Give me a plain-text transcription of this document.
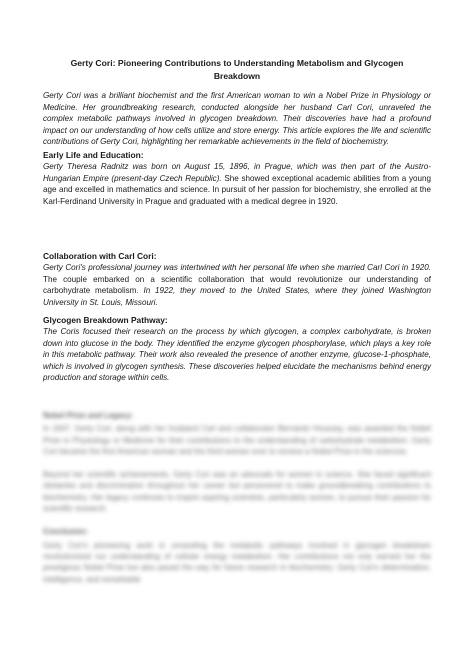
Gerty Cori: Pioneering Contributions to Understanding Metabolism and Glycogen Breakdown

Gerty Cori was a brilliant biochemist and the first American woman to win a Nobel Prize in Physiology or Medicine. Her groundbreaking research, conducted alongside her husband Carl Cori, unraveled the complex metabolic pathways involved in glycogen breakdown. Their discoveries have had a profound impact on our understanding of how cells utilize and store energy. This article explores the life and scientific contributions of Gerty Cori, highlighting her remarkable achievements in the field of biochemistry.

Early Life and Education:

Gerty Theresa Radnitz was born on August 15, 1896, in Prague, which was then part of the Austro-Hungarian Empire (present-day Czech Republic). She showed exceptional academic abilities from a young age and excelled in mathematics and science. In pursuit of her passion for biochemistry, she enrolled at the Karl-Ferdinand University in Prague and graduated with a medical degree in 1920.

Collaboration with Carl Cori:

Gerty Cori's professional journey was intertwined with her personal life when she married Carl Cori in 1920. The couple embarked on a scientific collaboration that would revolutionize our understanding of carbohydrate metabolism. In 1922, they moved to the United States, where they joined Washington University in St. Louis, Missouri.

Glycogen Breakdown Pathway:

The Coris focused their research on the process by which glycogen, a complex carbohydrate, is broken down into glucose in the body. They identified the enzyme glycogen phosphorylase, which plays a key role in this metabolic pathway. Their work also revealed the presence of another enzyme, glucose-1-phosphate, which is involved in glycogen synthesis. These discoveries helped elucidate the mechanisms behind energy production and storage within cells.

Nobel Prize and Legacy:

In 1947, Gerty Cori, along with her husband Carl and collaborator Bernardo Houssay, was awarded the Nobel Prize in Physiology or Medicine for their contributions to the understanding of carbohydrate metabolism. Gerty Cori became the first American woman and the third woman ever to receive a Nobel Prize in the sciences.

Beyond her scientific achievements, Gerty Cori was an advocate for women in science. She faced significant obstacles and discrimination throughout her career but persevered to make groundbreaking contributions to biochemistry. Her legacy continues to inspire aspiring scientists, particularly women, to pursue their passion for scientific research.

Conclusion:

Gerty Cori's pioneering work in unraveling the metabolic pathways involved in glycogen breakdown revolutionized our understanding of cellular energy metabolism. Her contributions not only earned her the prestigious Nobel Prize but also paved the way for future research in biochemistry. Gerty Cori's determination, intelligence, and remarkable
